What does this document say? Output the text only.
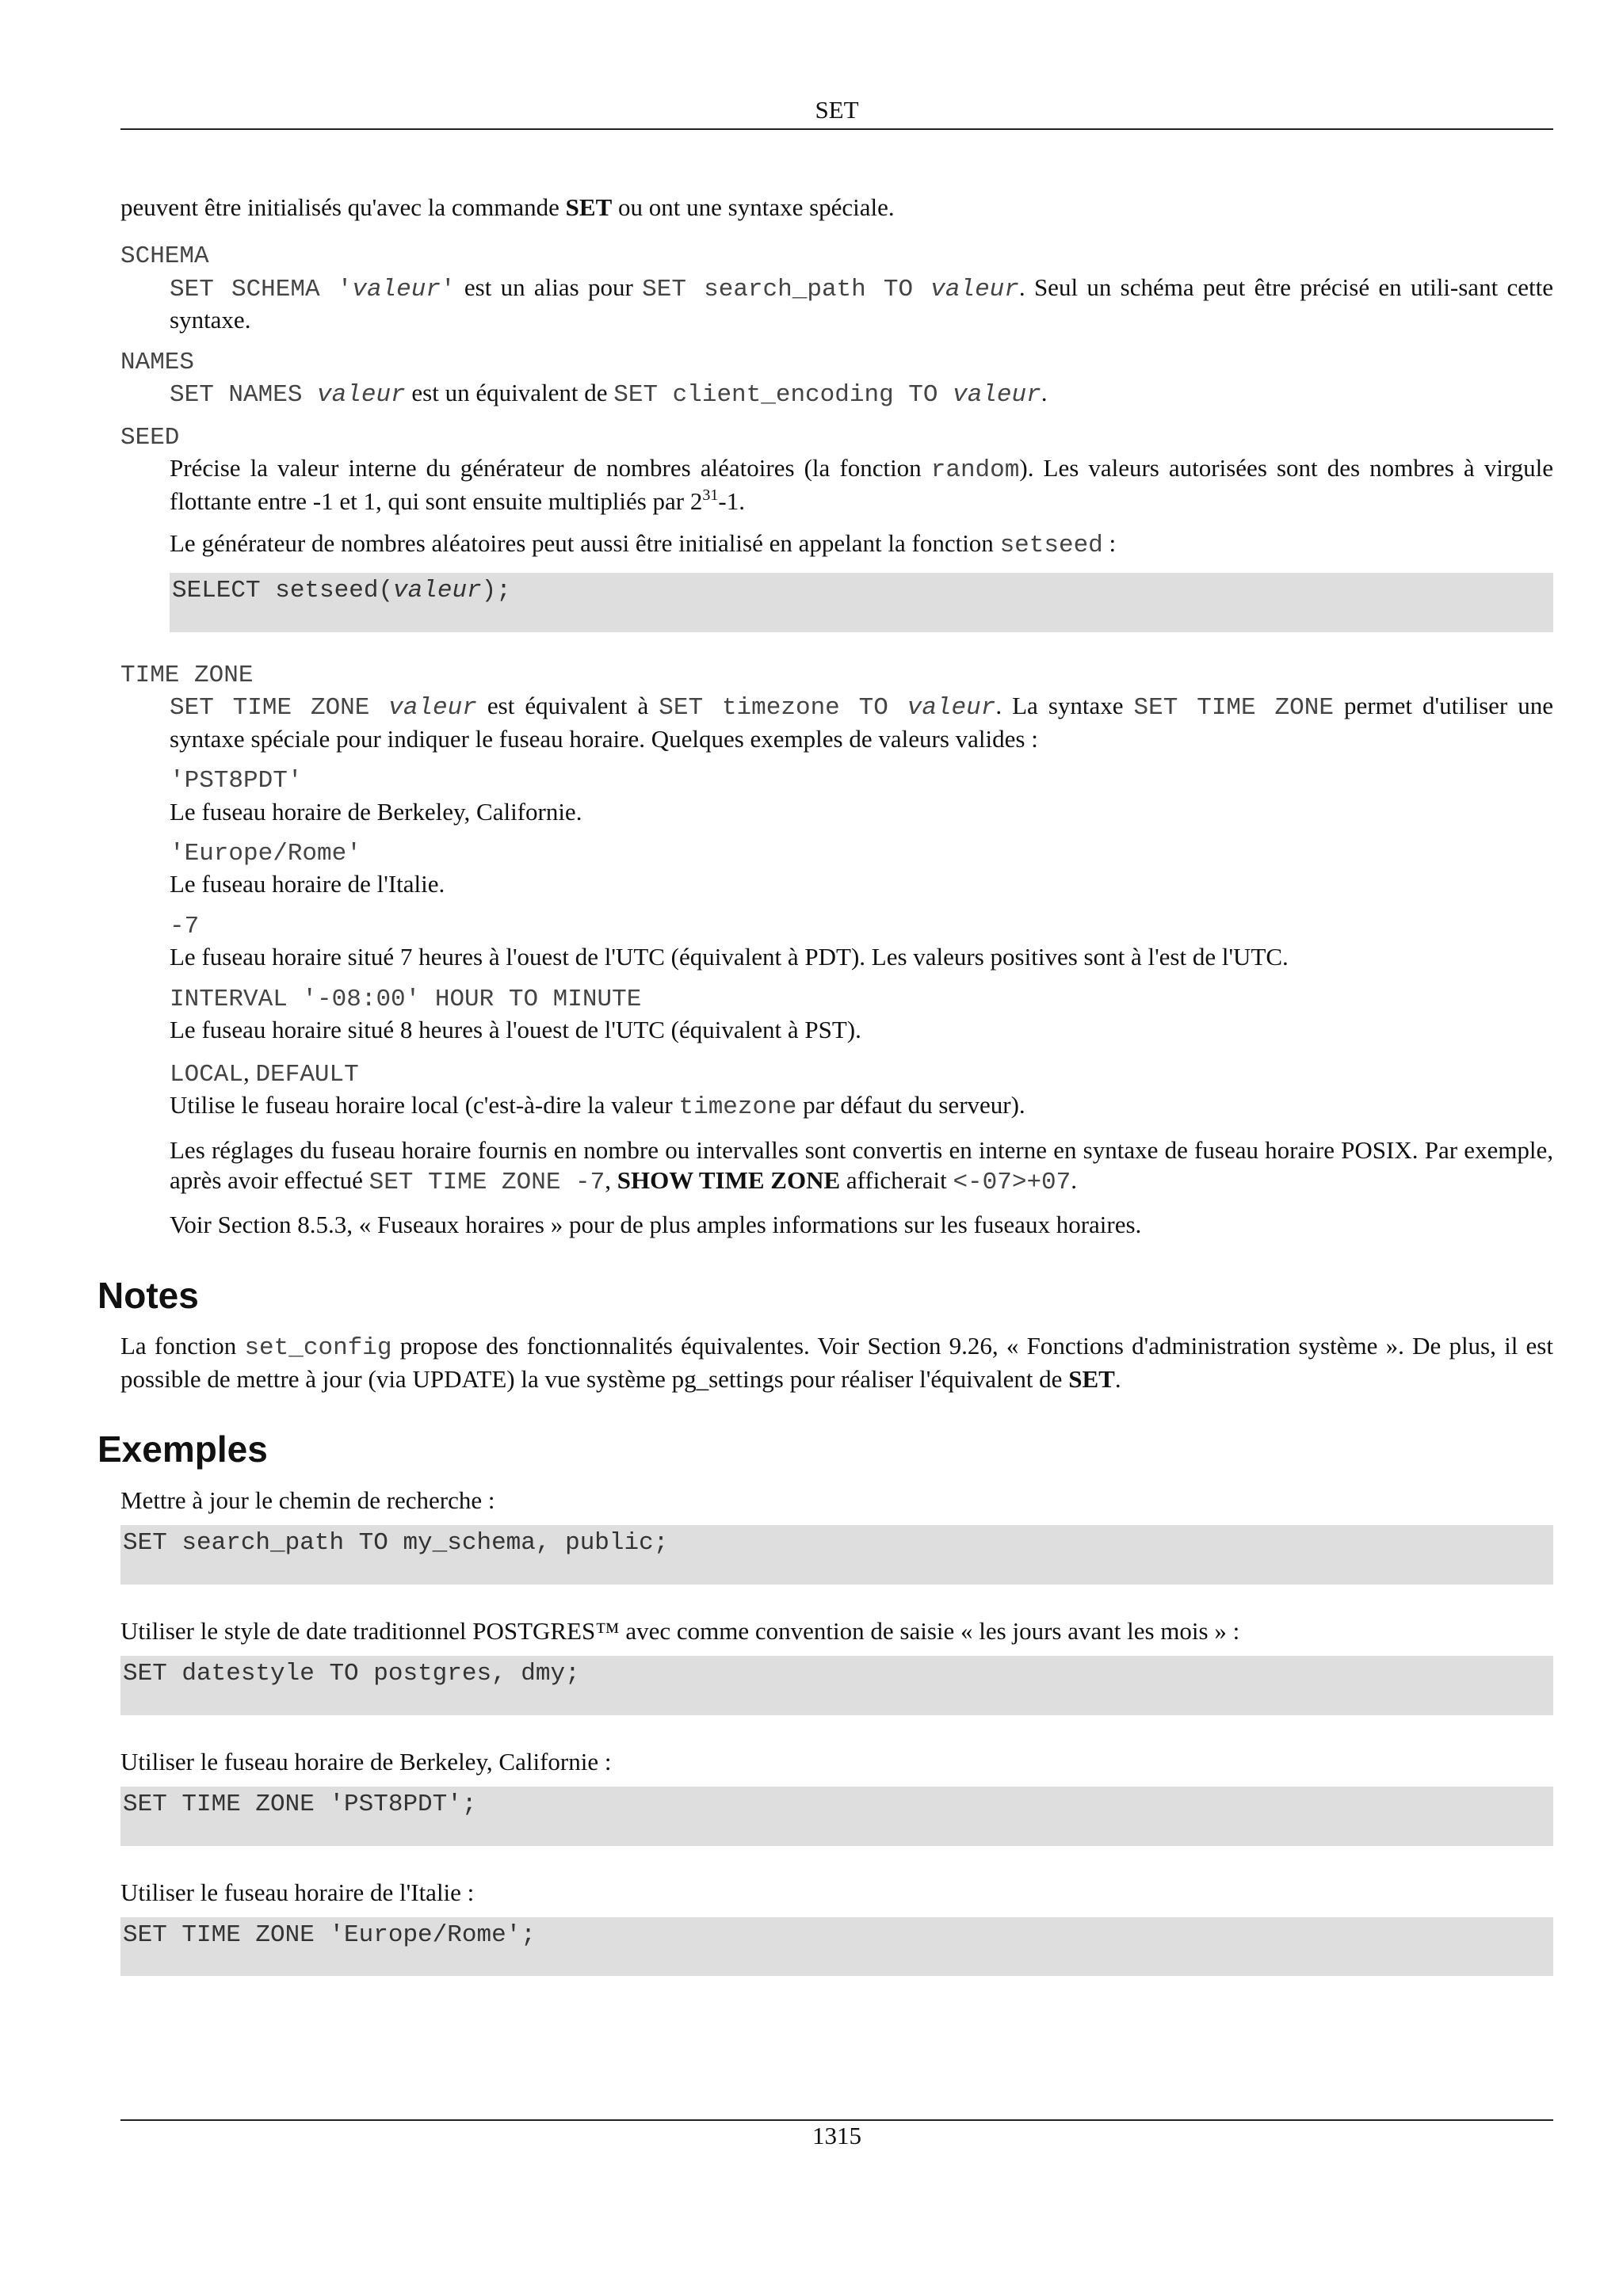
SET

peuvent être initialisés qu'avec la commande SET ou ont une syntaxe spéciale.

SCHEMA

SET SCHEMA 'valeur' est un alias pour SET search_path TO valeur. Seul un schéma peut être précisé en utili-sant cette syntaxe.

NAMES

SET NAMES valeur est un équivalent de SET client_encoding TO valeur.

SEED

Précise la valeur interne du générateur de nombres aléatoires (la fonction random). Les valeurs autorisées sont des nombres à virgule flottante entre -1 et 1, qui sont ensuite multipliés par $2^{31}-1$.

Le générateur de nombres aléatoires peut aussi être initialisé en appelant la fonction setseed :

SELECT setseed(valeur);
TIME ZONE

SET TIME ZONE valeur est équivalent à SET timezone TO valeur. La syntaxe SET TIME ZONE permet d'utiliser une syntaxe spéciale pour indiquer le fuseau horaire. Quelques exemples de valeurs valides :

'PST8PDT'
Le fuseau horaire de Berkeley, Californie.
'Europe/Rome'
Le fuseau horaire de l'Italie.
-7
Le fuseau horaire situé 7 heures à l'ouest de l'UTC (équivalent à PDT). Les valeurs positives sont à l'est de l'UTC.
INTERVAL '-08:00' HOUR TO MINUTE
Le fuseau horaire situé 8 heures à l'ouest de l'UTC (équivalent à PST).
LOCAL, DEFAULT
Utilise le fuseau horaire local (c'est-à-dire la valeur timezone par défaut du serveur).

Les réglages du fuseau horaire fournis en nombre ou intervalles sont convertis en interne en syntaxe de fuseau horaire POSIX. Par exemple, après avoir effectué SET TIME ZONE -7, SHOW TIME ZONE afficherait <-07>+07.

Voir Section 8.5.3, « Fuseaux horaires » pour de plus amples informations sur les fuseaux horaires.

Notes

La fonction set_config propose des fonctionnalités équivalentes. Voir Section 9.26, « Fonctions d'administration système ». De plus, il est possible de mettre à jour (via UPDATE) la vue système pg_settings pour réaliser l'équivalent de SET.

Exemples

Mettre à jour le chemin de recherche :

SET search_path TO my_schema, public;

Utiliser le style de date traditionnel POSTGRES™ avec comme convention de saisie « les jours avant les mois » :

SET datestyle TO postgres, dmy;

Utiliser le fuseau horaire de Berkeley, Californie :

SET TIME ZONE 'PST8PDT';

Utiliser le fuseau horaire de l'Italie :

SET TIME ZONE 'Europe/Rome';
1315
